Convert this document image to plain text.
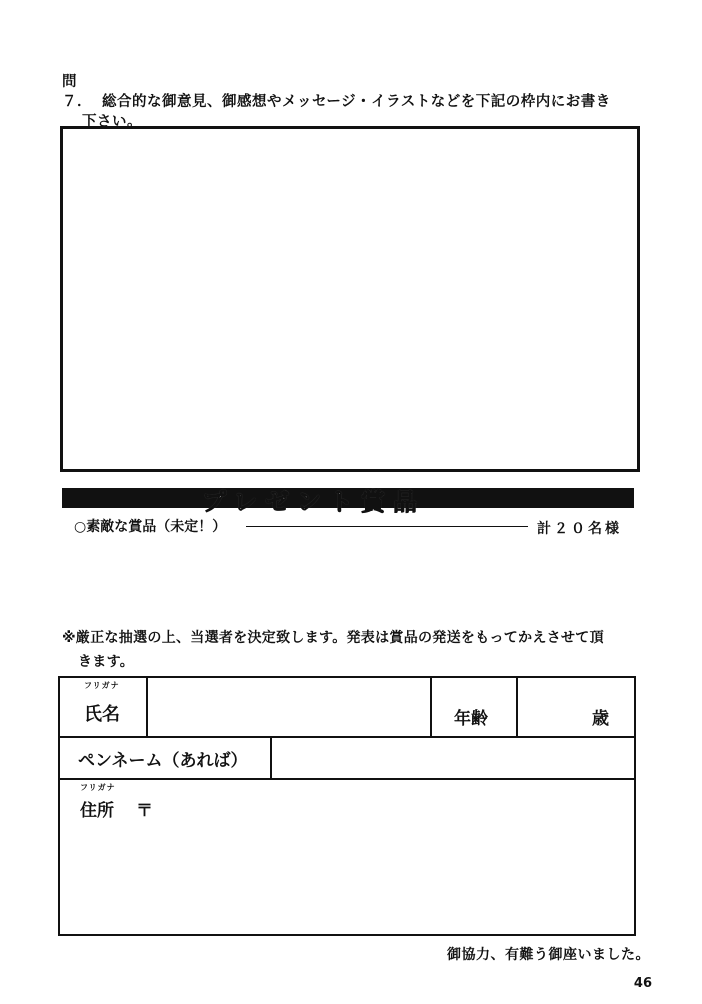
問７． 総合的な御意見、御感想やメッセージ・イラストなどを下記の枠内にお書き
下さい。
プレゼント賞品
○素敵な賞品（未定！）	計２０名様
※厳正な抽選の上、当選者を決定致します。発表は賞品の発送をもってかえさせて頂
きます。
フリガナ
氏名	年齢	歳
ペンネーム（あれば）
フリガナ
住所 〒
御協力、有難う御座いました。
46
